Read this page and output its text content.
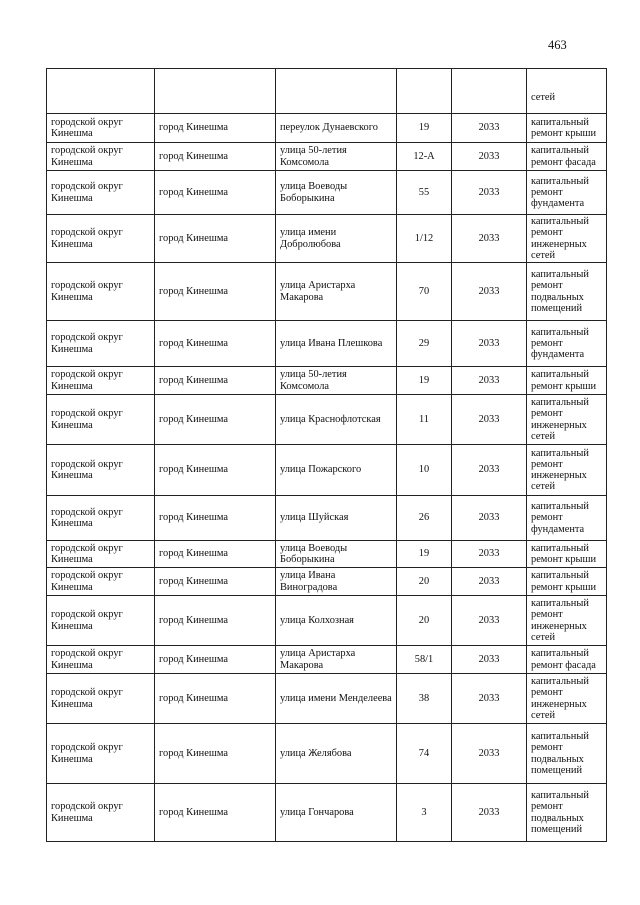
463
					сетей
городской округ Кинешма	город Кинешма	переулок Дунаевского	19	2033	капитальный ремонт крыши
городской округ Кинешма	город Кинешма	улица 50-летия Комсомола	12-А	2033	капитальный ремонт фасада
городской округ Кинешма	город Кинешма	улица Воеводы Боборыкина	55	2033	капитальный ремонт фундамента
городской округ Кинешма	город Кинешма	улица имени Добролюбова	1/12	2033	капитальный ремонт инженерных сетей
городской округ Кинешма	город Кинешма	улица Аристарха Макарова	70	2033	капитальный ремонт подвальных помещений
городской округ Кинешма	город Кинешма	улица Ивана Плешкова	29	2033	капитальный ремонт фундамента
городской округ Кинешма	город Кинешма	улица 50-летия Комсомола	19	2033	капитальный ремонт крыши
городской округ Кинешма	город Кинешма	улица Краснофлотская	11	2033	капитальный ремонт инженерных сетей
городской округ Кинешма	город Кинешма	улица Пожарского	10	2033	капитальный ремонт инженерных сетей
городской округ Кинешма	город Кинешма	улица Шуйская	26	2033	капитальный ремонт фундамента
городской округ Кинешма	город Кинешма	улица Воеводы Боборыкина	19	2033	капитальный ремонт крыши
городской округ Кинешма	город Кинешма	улица Ивана Виноградова	20	2033	капитальный ремонт крыши
городской округ Кинешма	город Кинешма	улица Колхозная	20	2033	капитальный ремонт инженерных сетей
городской округ Кинешма	город Кинешма	улица Аристарха Макарова	58/1	2033	капитальный ремонт фасада
городской округ Кинешма	город Кинешма	улица имени Менделеева	38	2033	капитальный ремонт инженерных сетей
городской округ Кинешма	город Кинешма	улица Желябова	74	2033	капитальный ремонт подвальных помещений
городской округ Кинешма	город Кинешма	улица Гончарова	3	2033	капитальный ремонт подвальных помещений
